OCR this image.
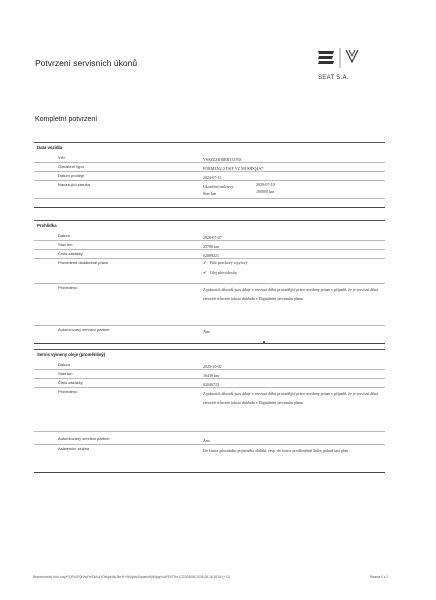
Potvrzení servisních úkonů
SEAT S.A.
Kompletní potvrzení
Data vozidla
VIN	VSSZZZKMRR133763
Označení typu	FORMEN2.0 TSIF VZ M190DQ4A7
Datum prodeje	2024-07-11
Navazující záruka	Ukončení smlouvy	2029-07-10
Stav km	100000 km
Prohlídka
Datum	2026-07-07
Stav km	25788 km
Číslo zakázky	02089221
Provedené dodatečné práce	✔ Filtr prachový a pylový
✔ Olej převodovky
Provedeno	Z právních důvodů jsou údaje o servisní důlní provádějící práce uvedeny pouze v případě, že je servisní dílna zároveň tvůrcem tohoto dokladu v Digitálním servisním plánu
Autorizovaný servisní partner	Ano
Servis výmeny oleje (proměnlivý)
Datum	2025-10-02
Stav km	16439 km
Číslo zakázky	02046722
Provedeno	Z právních důvodů jsou údaje o servisní důlní provádějící práce uvedeny pouze v případě, že je servisní dílna zároveň tvůrcem tohoto dokladu v Digitálním servisním plánu
Autorizovaný servisní partner	Ano
Asistenční služba	Do konce původního pojistného období, resp. do konce prodloužené lhůty, pokud tato platí
Bezpečnostní kód: ouy/fYQFx1PQrVwFmTWLdYOl/kjnNNL3hrYt+WVfptiv30ptaboRjhNlpgVuuFEh7Ttu CZ2304006 2026-08-18 18:34 (+13)	Strana 1 z 2
